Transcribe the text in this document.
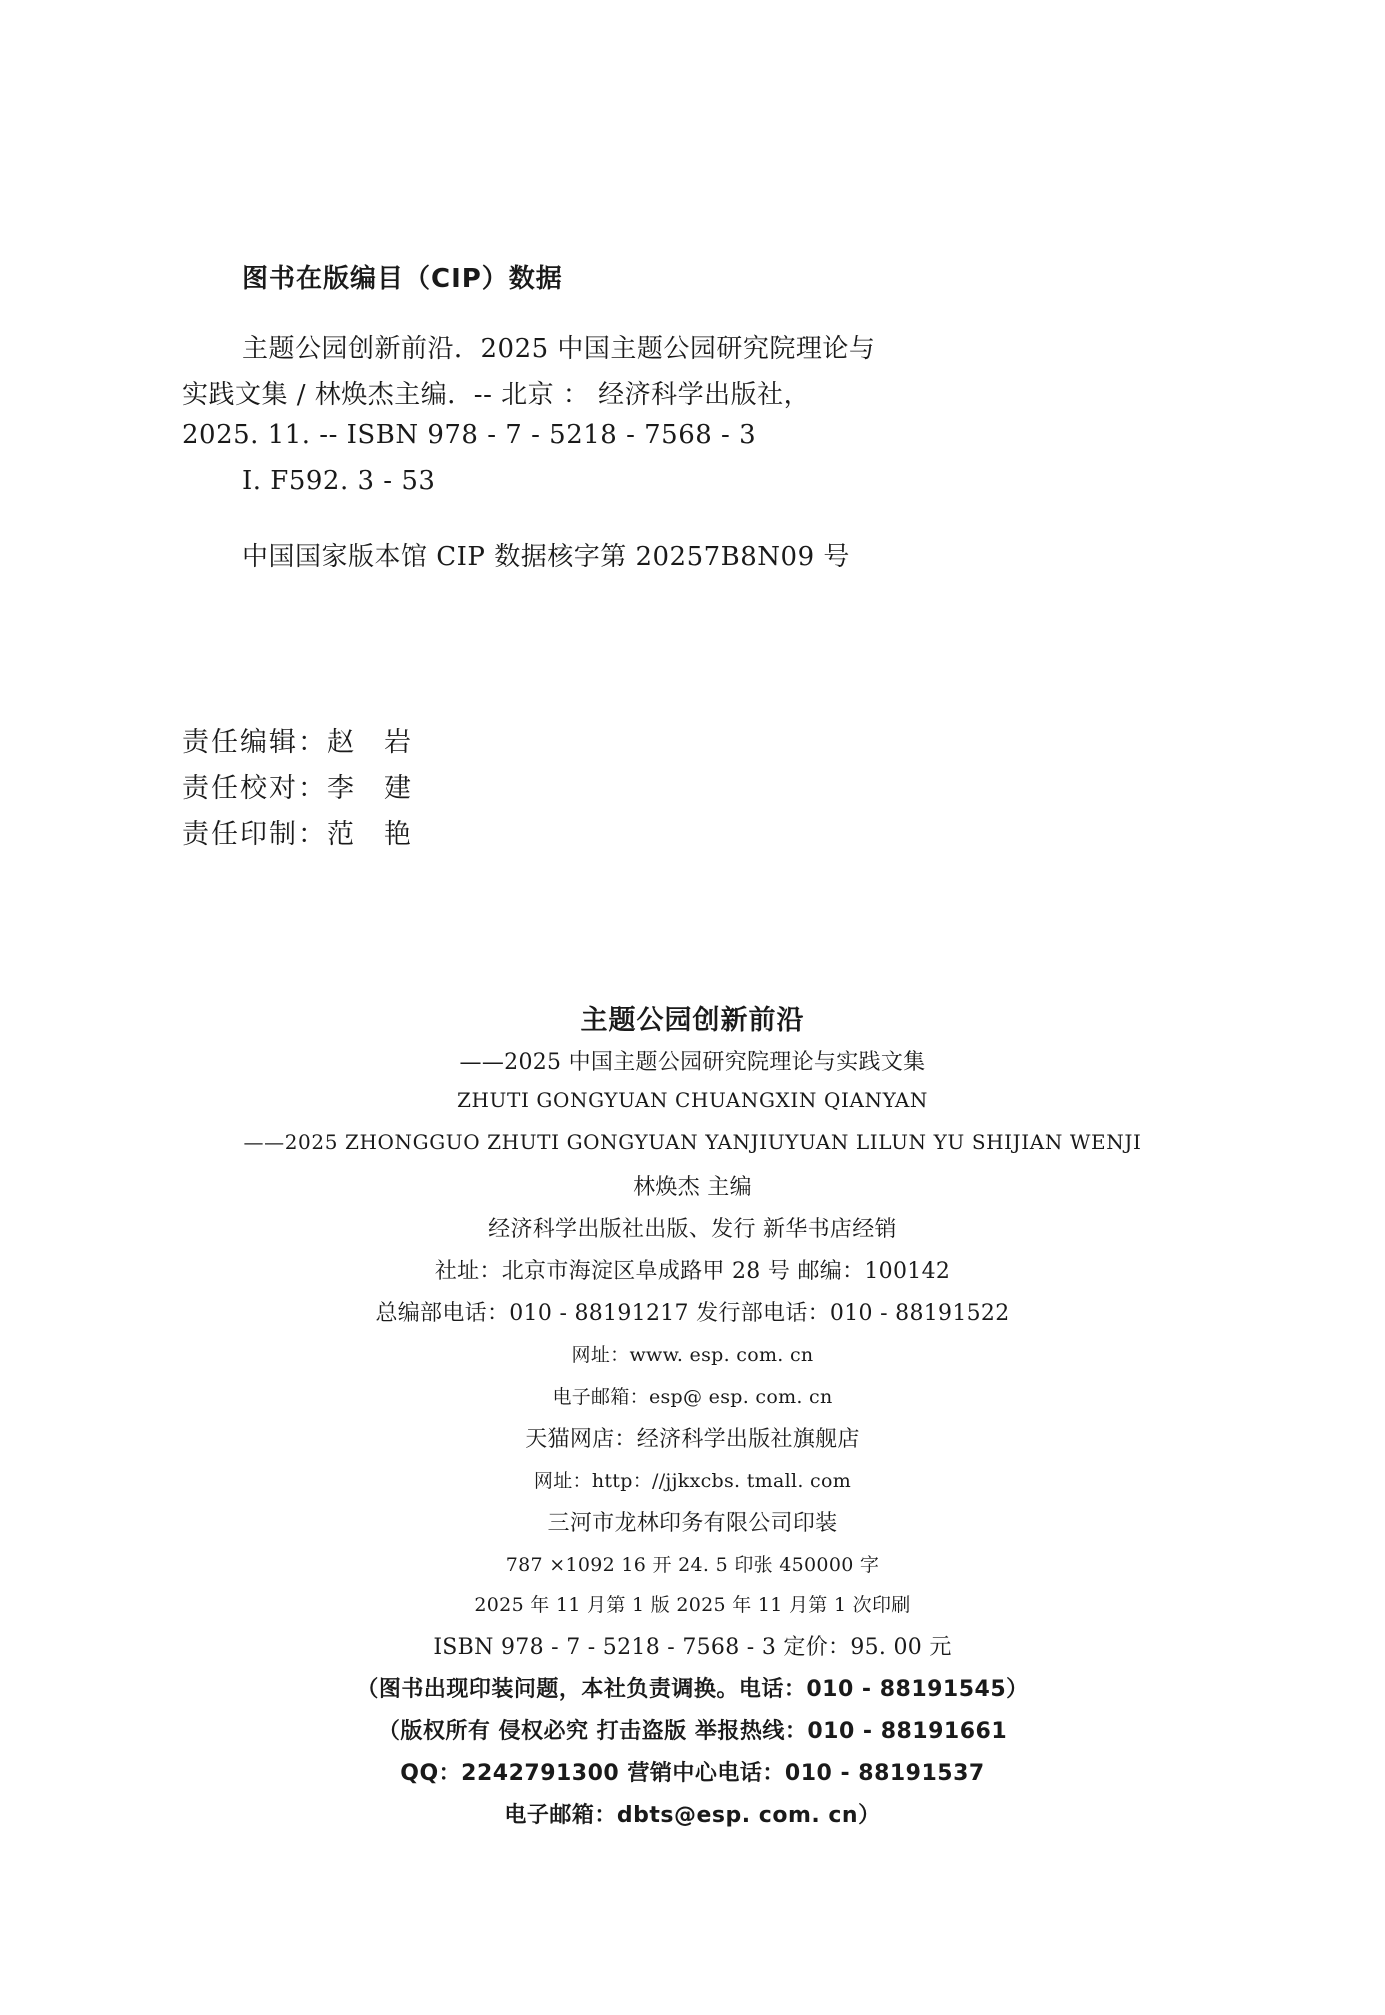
图书在版编目（CIP）数据
主题公园创新前沿．2025 中国主题公园研究院理论与
实践文集 / 林焕杰主编．-- 北京 ： 经济科学出版社，
2025. 11. -- ISBN 978 - 7 - 5218 - 7568 - 3
Ⅰ. F592. 3 - 53
中国国家版本馆 CIP 数据核字第 20257B8N09 号
责任编辑：赵岩
责任校对：李建
责任印制：范艳
主题公园创新前沿
——2025 中国主题公园研究院理论与实践文集
ZHUTI GONGYUAN CHUANGXIN QIANYAN
——2025 ZHONGGUO ZHUTI GONGYUAN YANJIUYUAN LILUN YU SHIJIAN WENJI
林焕杰 主编
经济科学出版社出版、发行 新华书店经销
社址：北京市海淀区阜成路甲 28 号 邮编：100142
总编部电话：010 - 88191217 发行部电话：010 - 88191522
网址：www. esp. com. cn
电子邮箱：esp@ esp. com. cn
天猫网店：经济科学出版社旗舰店
网址：http：//jjkxcbs. tmall. com
三河市龙林印务有限公司印装
787 ×1092 16 开 24. 5 印张 450000 字
2025 年 11 月第 1 版 2025 年 11 月第 1 次印刷
ISBN 978 - 7 - 5218 - 7568 - 3 定价：95. 00 元
（图书出现印装问题，本社负责调换。电话：010 - 88191545）
（版权所有 侵权必究 打击盗版 举报热线：010 - 88191661
QQ：2242791300 营销中心电话：010 - 88191537
电子邮箱：dbts@esp. com. cn）
